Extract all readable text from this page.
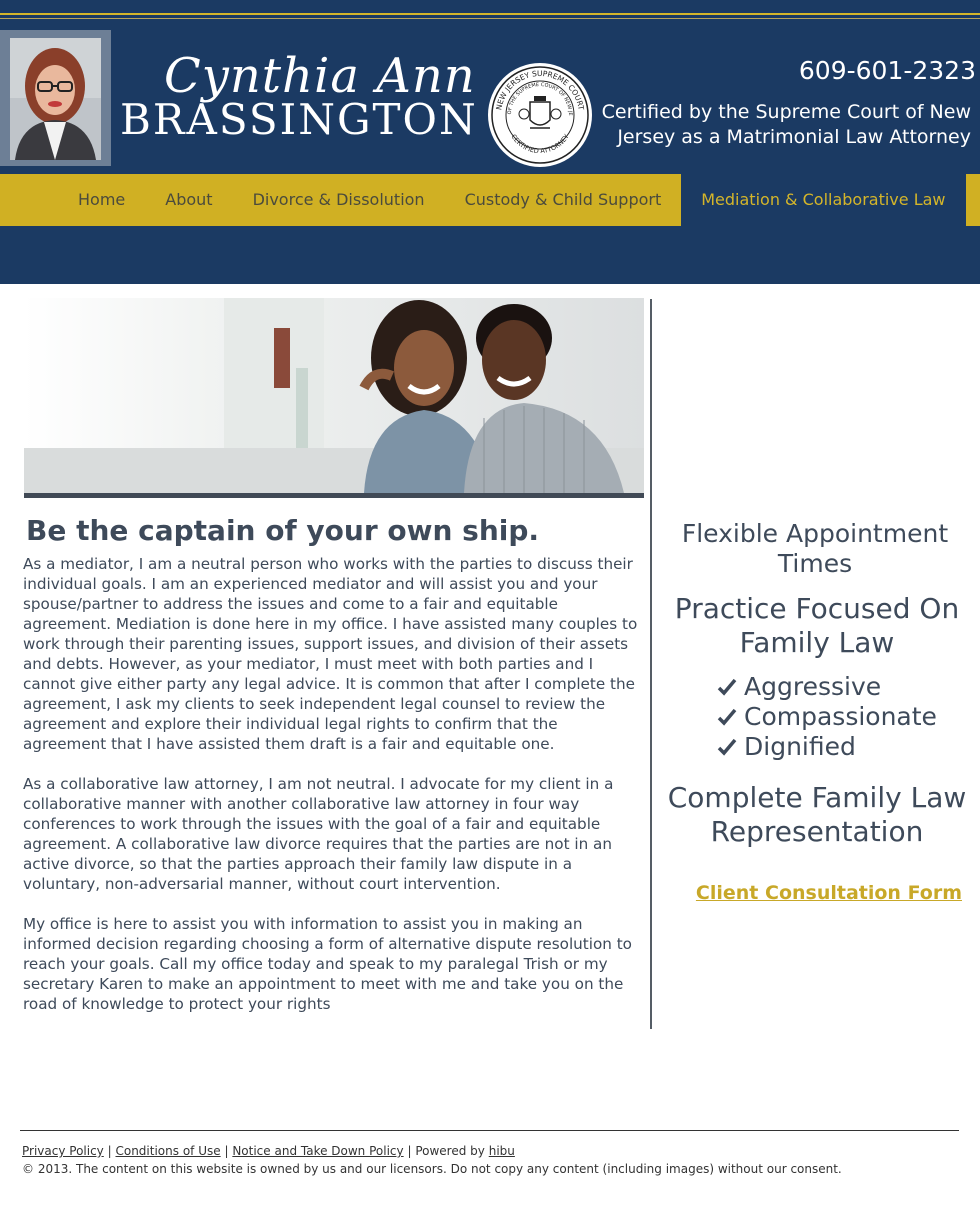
Cynthia Ann
BRASSINGTON NEW JERSEY SUPREME COURT
OF THE SUPREME COURT OF NEW JE
CERTIFIED ATTORNEY
609-601-2323
Certified by the Supreme Court of New Jersey as a Matrimonial Law Attorney
Home	About	Divorce & Dissolution	Custody & Child Support	Mediation & Collaborative Law
Be the captain of your own ship.

As a mediator, I am a neutral person who works with the parties to discuss their individual goals. I am an experienced mediator and will assist you and your spouse/partner to address the issues and come to a fair and equitable agreement. Mediation is done here in my office. I have assisted many couples to work through their parenting issues, support issues, and division of their assets and debts. However, as your mediator, I must meet with both parties and I cannot give either party any legal advice. It is common that after I complete the agreement, I ask my clients to seek independent legal counsel to review the agreement and explore their individual legal rights to confirm that the agreement that I have assisted them draft is a fair and equitable one.

As a collaborative law attorney, I am not neutral. I advocate for my client in a collaborative manner with another collaborative law attorney in four way conferences to work through the issues with the goal of a fair and equitable agreement. A collaborative law divorce requires that the parties are not in an active divorce, so that the parties approach their family law dispute in a voluntary, non-adversarial manner, without court intervention.

My office is here to assist you with information to assist you in making an informed decision regarding choosing a form of alternative dispute resolution to reach your goals. Call my office today and speak to my paralegal Trish or my secretary Karen to make an appointment to meet with me and take you on the road of knowledge to protect your rights

Flexible Appointment Times
Practice Focused On Family Law
Aggressive
Compassionate
Dignified
Complete Family Law Representation
Client Consultation Form
Privacy Policy | Conditions of Use | Notice and Take Down Policy | Powered by hibu
© 2013. The content on this website is owned by us and our licensors. Do not copy any content (including images) without our consent.
